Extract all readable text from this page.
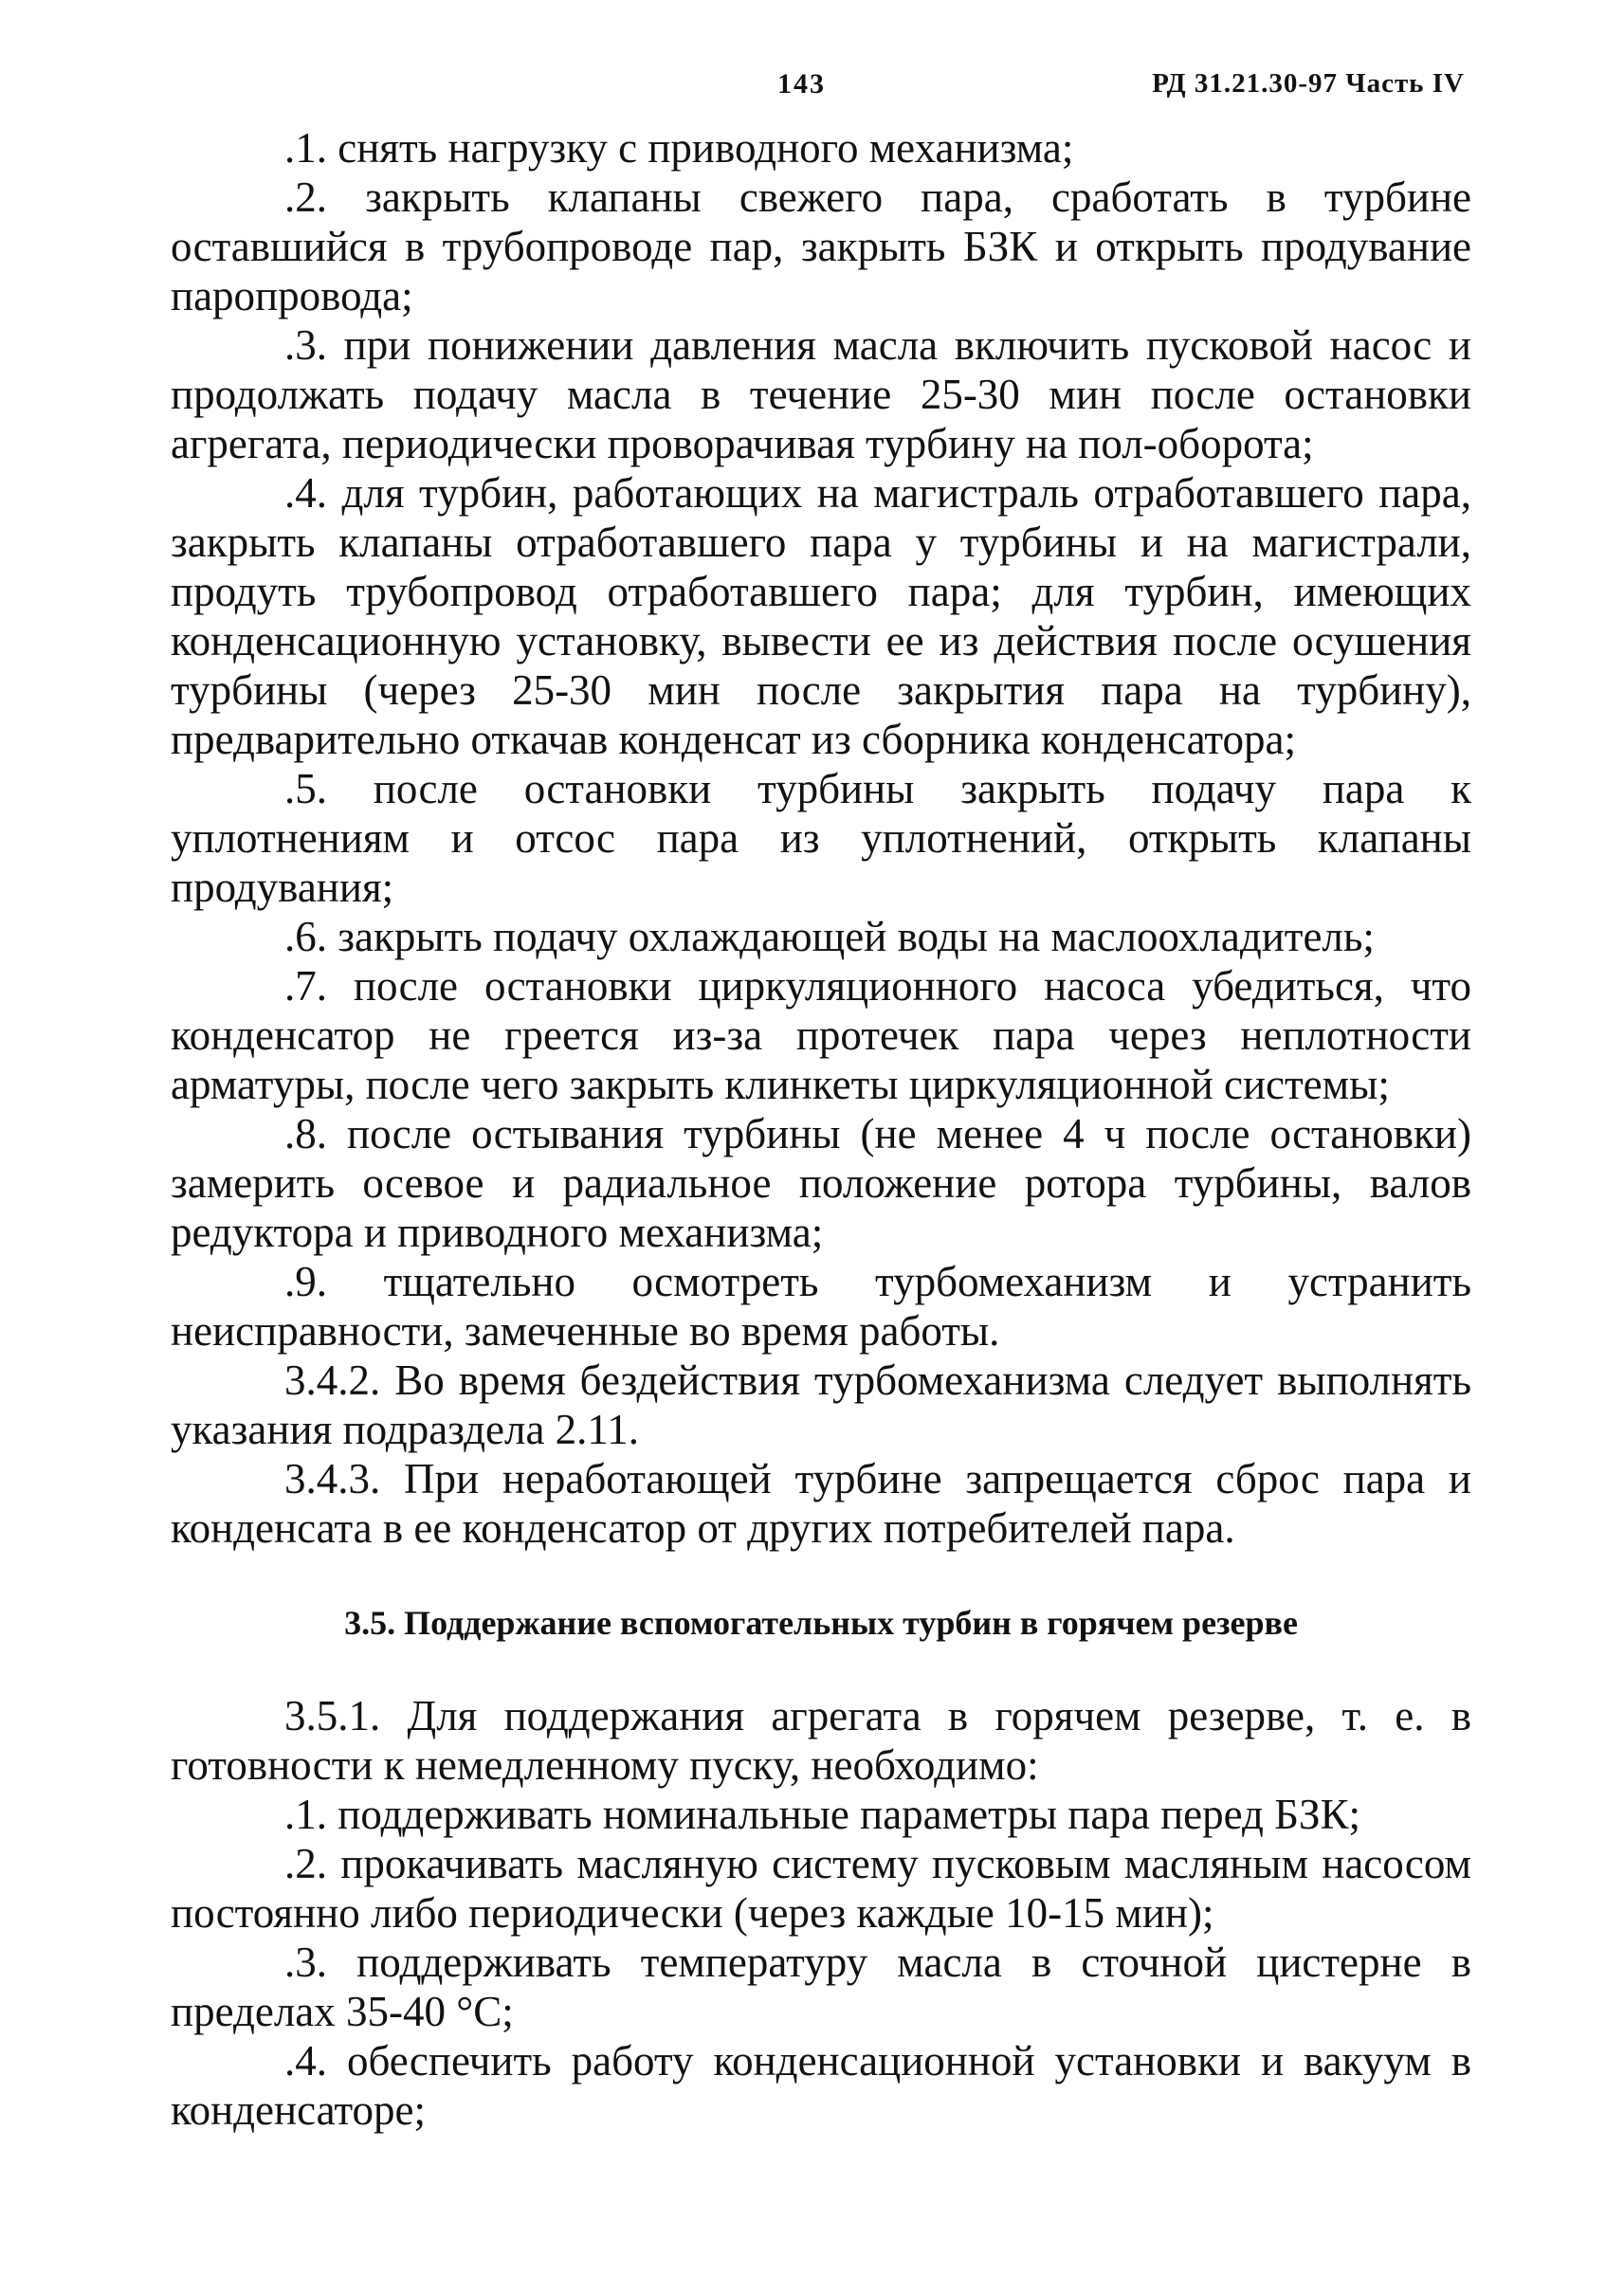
143	РД 31.21.30-97 Часть IV

.1. снять нагрузку с приводного механизма;

.2. закрыть клапаны свежего пара, сработать в турбине оставшийся в трубопроводе пар, закрыть БЗК и открыть продувание паропровода;

.3. при понижении давления масла включить пусковой насос и продолжать подачу масла в течение 25-30 мин после остановки агрегата, периодически проворачивая турбину на пол-оборота;

.4. для турбин, работающих на магистраль отработавшего пара, закрыть клапаны отработавшего пара у турбины и на магистрали, продуть трубопровод отработавшего пара; для турбин, имеющих конденсационную установку, вывести ее из действия после осушения турбины (через 25-30 мин после закрытия пара на турбину), предварительно откачав конденсат из сборника конденсатора;

.5. после остановки турбины закрыть подачу пара к уплотнениям и отсос пара из уплотнений, открыть клапаны продувания;

.6. закрыть подачу охлаждающей воды на маслоохладитель;

.7. после остановки циркуляционного насоса убедиться, что конденсатор не греется из-за протечек пара через неплотности арматуры, после чего закрыть клинкеты циркуляционной системы;

.8. после остывания турбины (не менее 4 ч после остановки) замерить осевое и радиальное положение ротора турбины, валов редуктора и приводного механизма;

.9. тщательно осмотреть турбомеханизм и устранить неисправности, замеченные во время работы.

3.4.2. Во время бездействия турбомеханизма следует выполнять указания подраздела 2.11.

3.4.3. При неработающей турбине запрещается сброс пара и конденсата в ее конденсатор от других потребителей пара.

3.5. Поддержание вспомогательных турбин в горячем резерве

3.5.1. Для поддержания агрегата в горячем резерве, т. е. в готовности к немедленному пуску, необходимо:

.1. поддерживать номинальные параметры пара перед БЗК;

.2. прокачивать масляную систему пусковым масляным насосом постоянно либо периодически (через каждые 10-15 мин);

.3. поддерживать температуру масла в сточной цистерне в пределах 35-40 °С;

.4. обеспечить работу конденсационной установки и вакуум в конденсаторе;
